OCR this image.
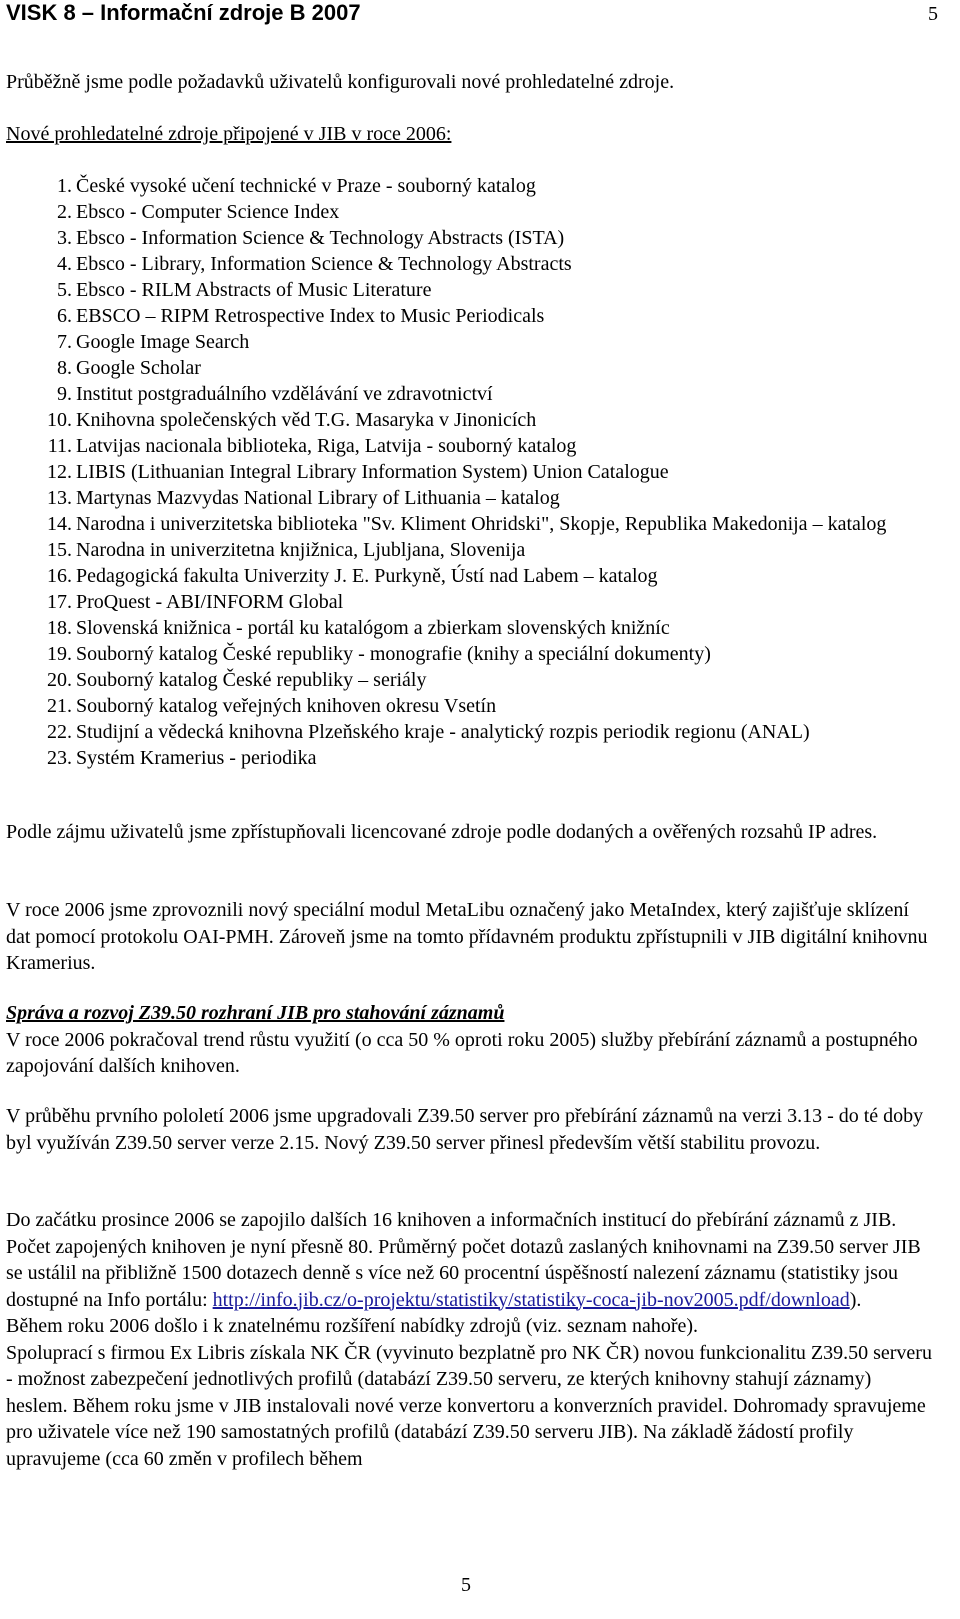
VISK 8 – Informační zdroje B 2007	5
Průběžně jsme podle požadavků uživatelů konfigurovali nové prohledatelné zdroje.
Nové prohledatelné zdroje připojené v JIB v roce 2006:
1. České vysoké učení technické v Praze - souborný katalog
2. Ebsco - Computer Science Index
3. Ebsco - Information Science & Technology Abstracts (ISTA)
4. Ebsco - Library, Information Science & Technology Abstracts
5. Ebsco - RILM Abstracts of Music Literature
6. EBSCO – RIPM Retrospective Index to Music Periodicals
7. Google Image Search
8. Google Scholar
9. Institut postgraduálního vzdělávání ve zdravotnictví
10. Knihovna společenských věd T.G. Masaryka v Jinonicích
11. Latvijas nacionala biblioteka, Riga, Latvija - souborný katalog
12. LIBIS (Lithuanian Integral Library Information System) Union Catalogue
13. Martynas Mazvydas National Library of Lithuania – katalog
14. Narodna i univerzitetska biblioteka "Sv. Kliment Ohridski", Skopje, Republika Makedonija – katalog
15. Narodna in univerzitetna knjižnica, Ljubljana, Slovenija
16. Pedagogická fakulta Univerzity J. E. Purkyně, Ústí nad Labem – katalog
17. ProQuest - ABI/INFORM Global
18. Slovenská knižnica - portál ku katalógom a zbierkam slovenských knižníc
19. Souborný katalog České republiky - monografie (knihy a speciální dokumenty)
20. Souborný katalog České republiky – seriály
21. Souborný katalog veřejných knihoven okresu Vsetín
22. Studijní a vědecká knihovna Plzeňského kraje - analytický rozpis periodik regionu (ANAL)
23. Systém Kramerius - periodika
Podle zájmu uživatelů jsme zpřístupňovali licencované zdroje podle dodaných a ověřených rozsahů IP adres.
V roce 2006 jsme zprovoznili nový speciální modul MetaLibu označený jako MetaIndex, který zajišťuje sklízení dat pomocí protokolu OAI-PMH. Zároveň jsme na tomto přídavném produktu zpřístupnili v JIB digitální knihovnu Kramerius.
Správa a rozvoj Z39.50 rozhraní JIB pro stahování záznamů
V roce 2006 pokračoval trend růstu využití (o cca 50 % oproti roku 2005) služby přebírání záznamů a postupného zapojování dalších knihoven.
V průběhu prvního pololetí 2006 jsme upgradovali Z39.50 server pro přebírání záznamů na verzi 3.13 - do té doby byl využíván Z39.50 server verze 2.15. Nový Z39.50 server přinesl především větší stabilitu provozu.
Do začátku prosince 2006 se zapojilo dalších 16 knihoven a informačních institucí do přebírání záznamů z JIB. Počet zapojených knihoven je nyní přesně 80. Průměrný počet dotazů zaslaných knihovnami na Z39.50 server JIB se ustálil na přibližně 1500 dotazech denně s více než 60 procentní úspěšností nalezení záznamu (statistiky jsou dostupné na Info portálu: http://info.jib.cz/o-projektu/statistiky/statistiky-coca-jib-nov2005.pdf/download).
Během roku 2006 došlo i k znatelnému rozšíření nabídky zdrojů (viz. seznam nahoře).
Spoluprací s firmou Ex Libris získala NK ČR (vyvinuto bezplatně pro NK ČR) novou funkcionalitu Z39.50 serveru - možnost zabezpečení jednotlivých profilů (databází Z39.50 serveru, ze kterých knihovny stahují záznamy) heslem. Během roku jsme v JIB instalovali nové verze konvertoru a konverzních pravidel. Dohromady spravujeme pro uživatele více než 190 samostatných profilů (databází Z39.50 serveru JIB). Na základě žádostí profily upravujeme (cca 60 změn v profilech během
5
